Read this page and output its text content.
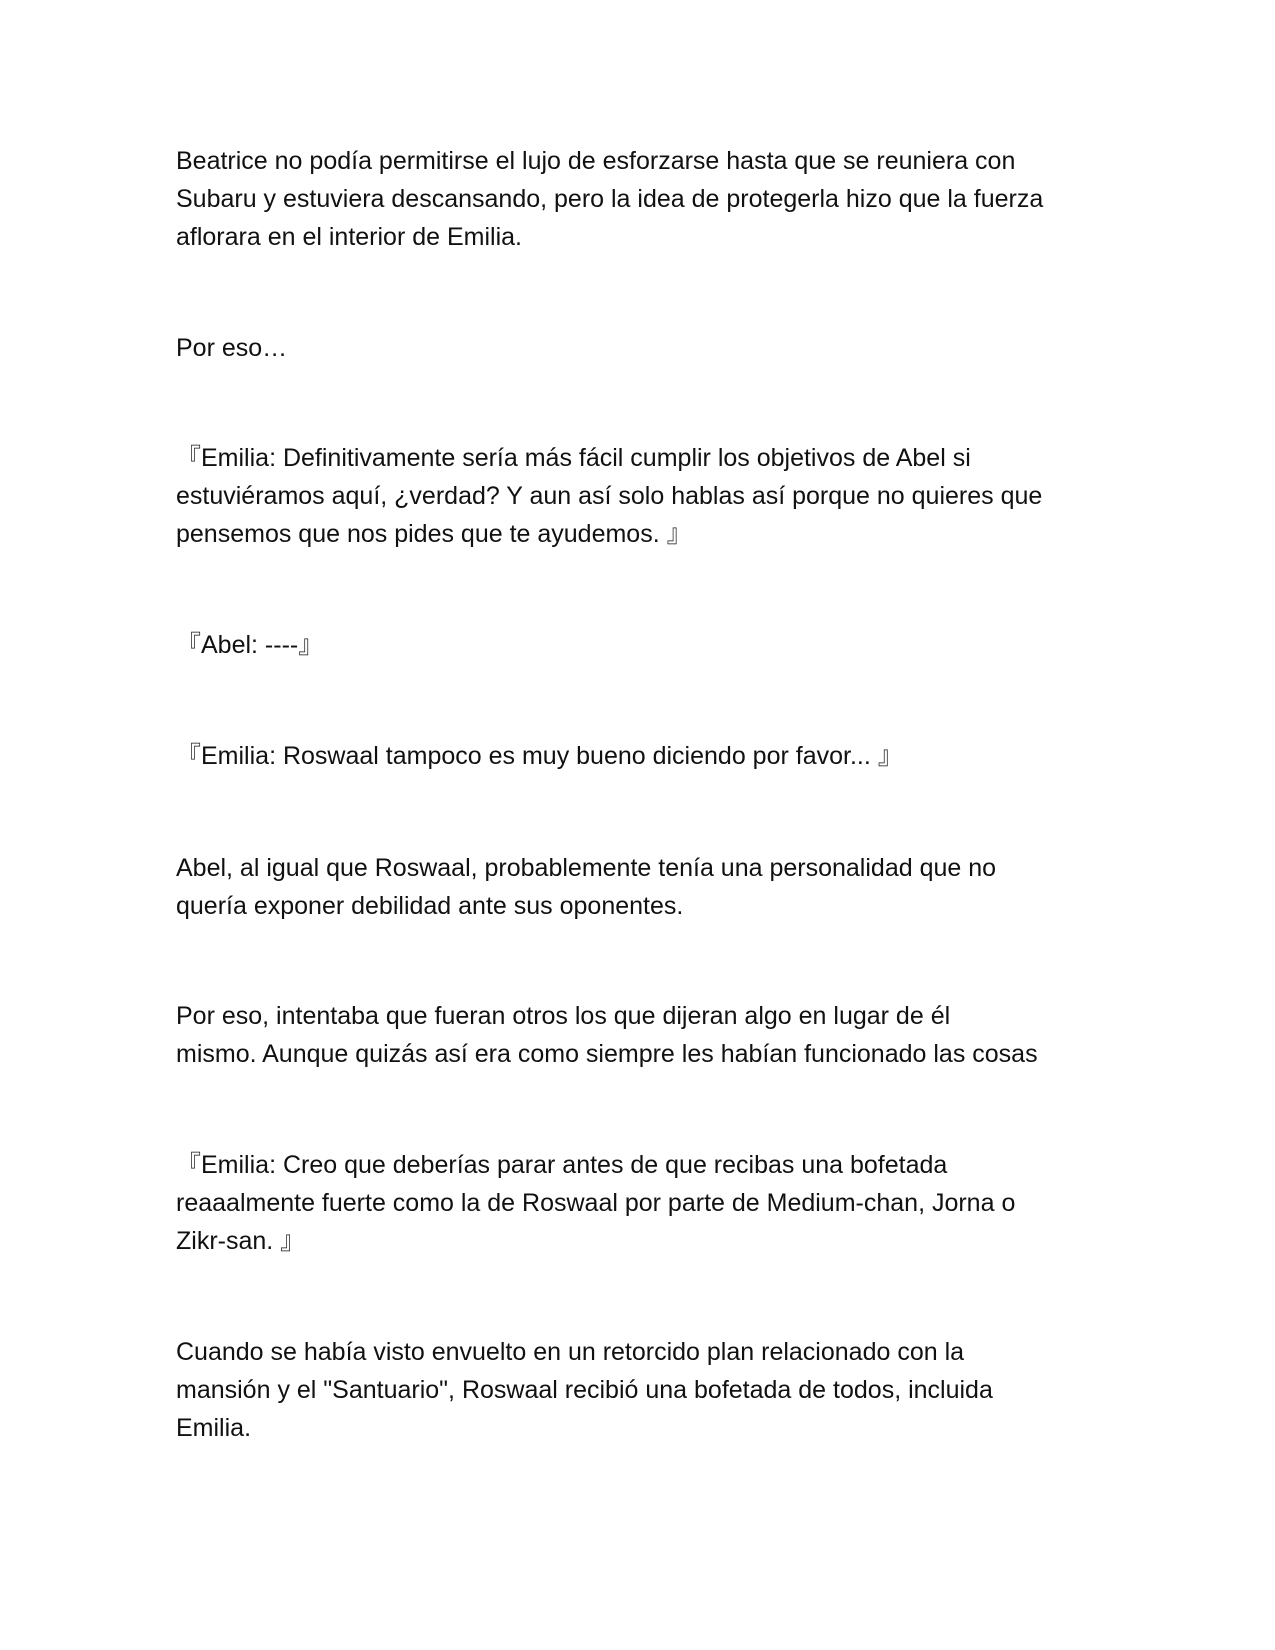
Beatrice no podía permitirse el lujo de esforzarse hasta que se reuniera con
Subaru y estuviera descansando, pero la idea de protegerla hizo que la fuerza
aflorara en el interior de Emilia.

Por eso…

『Emilia: Definitivamente sería más fácil cumplir los objetivos de Abel si
estuviéramos aquí, ¿verdad? Y aun así solo hablas así porque no quieres que
pensemos que nos pides que te ayudemos. 』

『Abel: ----』

『Emilia: Roswaal tampoco es muy bueno diciendo por favor... 』

Abel, al igual que Roswaal, probablemente tenía una personalidad que no
quería exponer debilidad ante sus oponentes.

Por eso, intentaba que fueran otros los que dijeran algo en lugar de él
mismo. Aunque quizás así era como siempre les habían funcionado las cosas

『Emilia: Creo que deberías parar antes de que recibas una bofetada
reaaalmente fuerte como la de Roswaal por parte de Medium-chan, Jorna o
Zikr-san. 』

Cuando se había visto envuelto en un retorcido plan relacionado con la
mansión y el "Santuario", Roswaal recibió una bofetada de todos, incluida
Emilia.
